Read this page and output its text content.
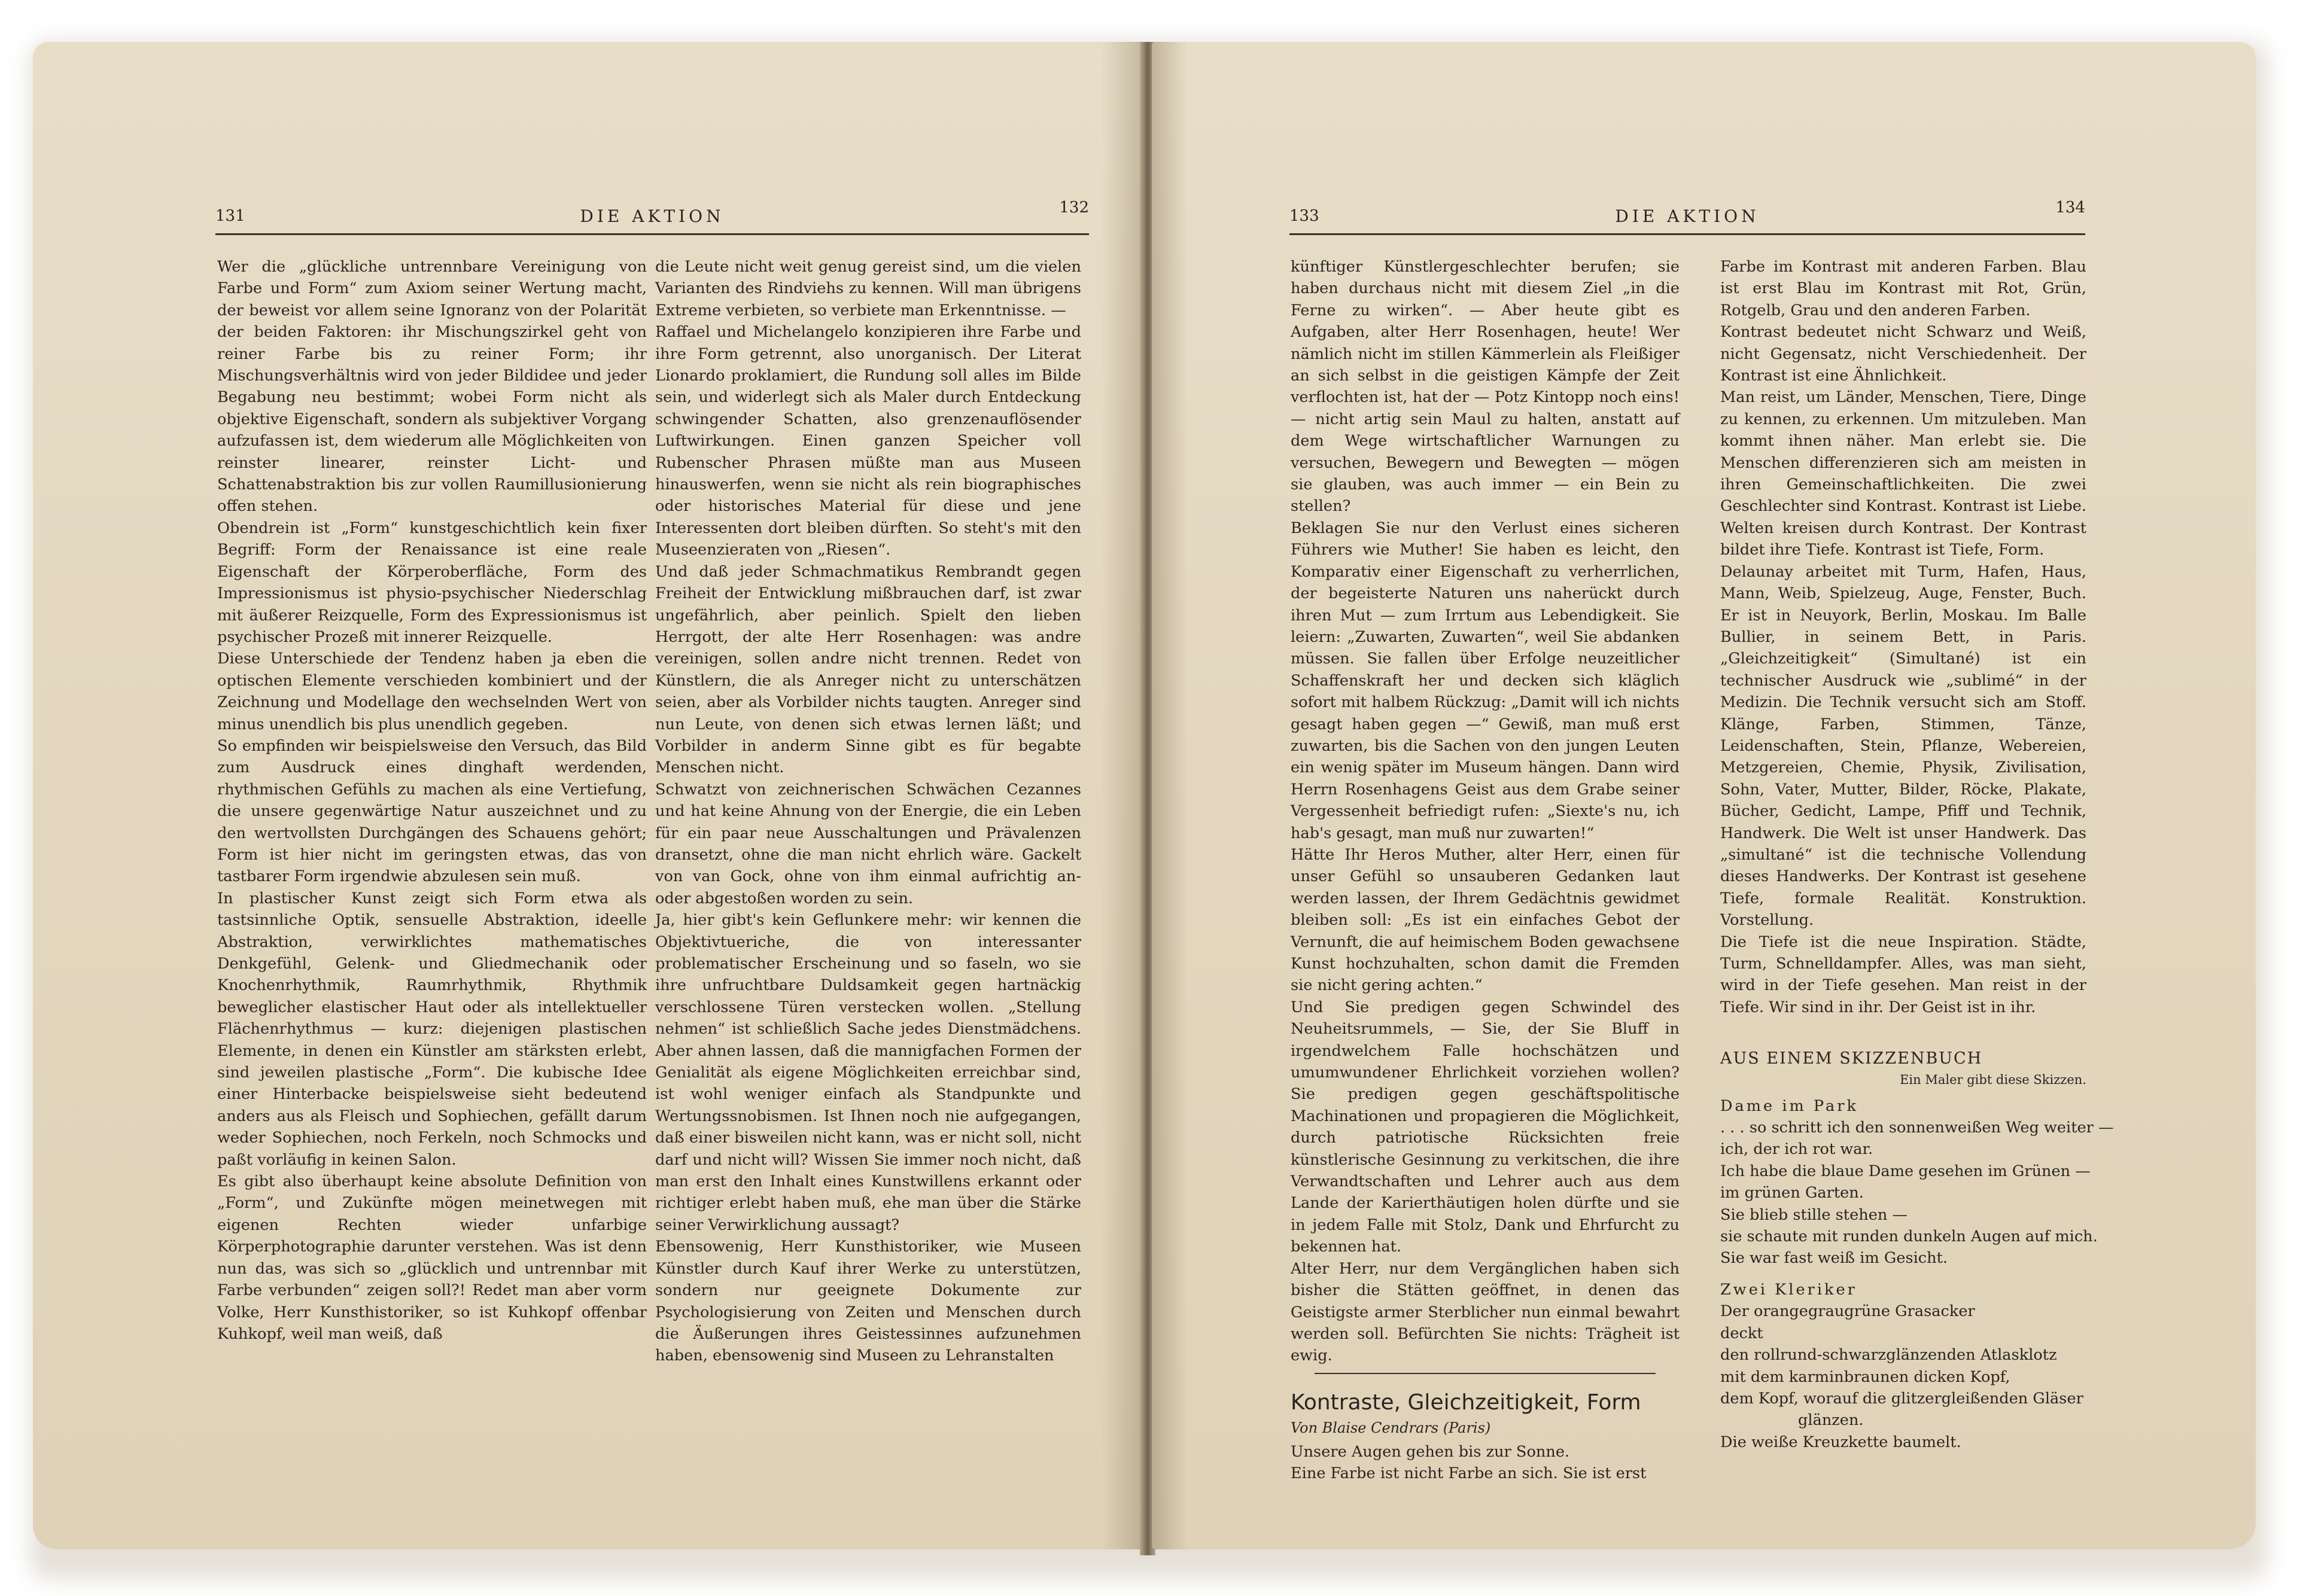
131	DIE AKTION	132

Wer die „glückliche untrennbare Vereinigung von Farbe und Form“ zum Axiom seiner Wertung macht, der beweist vor allem seine Ignoranz von der Polarität der beiden Faktoren: ihr Mischungszirkel geht von reiner Farbe bis zu reiner Form; ihr Mischungsverhältnis wird von jeder Bildidee und jeder Begabung neu bestimmt; wobei Form nicht als objektive Eigenschaft, sondern als subjektiver Vorgang aufzufassen ist, dem wiederum alle Möglichkeiten von reinster linearer, reinster Licht- und Schattenabstraktion bis zur vollen Raumillusionierung offen stehen.

Obendrein ist „Form“ kunstgeschichtlich kein fixer Begriff: Form der Renaissance ist eine reale Eigenschaft der Körperoberfläche, Form des Impressionismus ist physio-psychischer Niederschlag mit äußerer Reizquelle, Form des Expressionismus ist psychischer Prozeß mit innerer Reizquelle.

Diese Unterschiede der Tendenz haben ja eben die optischen Elemente verschieden kombiniert und der Zeichnung und Modellage den wechselnden Wert von minus unendlich bis plus unendlich gegeben.

So empfinden wir beispielsweise den Versuch, das Bild zum Ausdruck eines dinghaft werdenden, rhythmischen Gefühls zu machen als eine Vertiefung, die unsere gegenwärtige Natur auszeichnet und zu den wertvollsten Durchgängen des Schauens gehört; Form ist hier nicht im geringsten etwas, das von tastbarer Form irgendwie abzulesen sein muß.

In plastischer Kunst zeigt sich Form etwa als tastsinnliche Optik, sensuelle Abstraktion, ideelle Abstraktion, verwirklichtes mathematisches Denkgefühl, Gelenk- und Gliedmechanik oder Knochenrhythmik, Raumrhythmik, Rhythmik beweglicher elastischer Haut oder als intellektueller Flächenrhythmus — kurz: diejenigen plastischen Elemente, in denen ein Künstler am stärksten erlebt, sind jeweilen plastische „Form“. Die kubische Idee einer Hinterbacke beispielsweise sieht bedeutend anders aus als Fleisch und Sophiechen, gefällt darum weder Sophiechen, noch Ferkeln, noch Schmocks und paßt vorläufig in keinen Salon.

Es gibt also überhaupt keine absolute Definition von „Form“, und Zukünfte mögen meinetwegen mit eigenen Rechten wieder unfarbige Körperphotographie darunter verstehen. Was ist denn nun das, was sich so „glücklich und untrennbar mit Farbe verbunden“ zeigen soll?! Redet man aber vorm Volke, Herr Kunsthistoriker, so ist Kuhkopf offenbar Kuhkopf, weil man weiß, daß

die Leute nicht weit genug gereist sind, um die vielen Varianten des Rindviehs zu kennen. Will man übrigens Extreme verbieten, so verbiete man Erkenntnisse. —

Raffael und Michelangelo konzipieren ihre Farbe und ihre Form getrennt, also unorganisch. Der Literat Lionardo proklamiert, die Rundung soll alles im Bilde sein, und widerlegt sich als Maler durch Entdeckung schwingender Schatten, also grenzenauflösender Luftwirkungen. Einen ganzen Speicher voll Rubenscher Phrasen müßte man aus Museen hinauswerfen, wenn sie nicht als rein biographisches oder historisches Material für diese und jene Interessenten dort bleiben dürften. So steht's mit den Museenzieraten von „Riesen“.

Und daß jeder Schmachmatikus Rembrandt gegen Freiheit der Entwicklung mißbrauchen darf, ist zwar ungefährlich, aber peinlich. Spielt den lieben Herrgott, der alte Herr Rosenhagen: was andre vereinigen, sollen andre nicht trennen. Redet von Künstlern, die als Anreger nicht zu unterschätzen seien, aber als Vorbilder nichts taugten. Anreger sind nun Leute, von denen sich etwas lernen läßt; und Vorbilder in anderm Sinne gibt es für begabte Menschen nicht.

Schwatzt von zeichnerischen Schwächen Cezannes und hat keine Ahnung von der Energie, die ein Leben für ein paar neue Ausschaltungen und Prävalenzen dransetzt, ohne die man nicht ehrlich wäre. Gackelt von van Gock, ohne von ihm einmal aufrichtig an- oder abgestoßen worden zu sein.

Ja, hier gibt's kein Geflunkere mehr: wir kennen die Objektivtueriche, die von interessanter problematischer Erscheinung und so faseln, wo sie ihre unfruchtbare Duldsamkeit gegen hartnäckig verschlossene Türen verstecken wollen. „Stellung nehmen“ ist schließlich Sache jedes Dienstmädchens. Aber ahnen lassen, daß die mannigfachen Formen der Genialität als eigene Möglichkeiten erreichbar sind, ist wohl weniger einfach als Standpunkte und Wertungssnobismen. Ist Ihnen noch nie aufgegangen, daß einer bisweilen nicht kann, was er nicht soll, nicht darf und nicht will? Wissen Sie immer noch nicht, daß man erst den Inhalt eines Kunstwillens erkannt oder richtiger erlebt haben muß, ehe man über die Stärke seiner Verwirklichung aussagt?

Ebensowenig, Herr Kunsthistoriker, wie Museen Künstler durch Kauf ihrer Werke zu unterstützen, sondern nur geeignete Dokumente zur Psychologisierung von Zeiten und Menschen durch die Äußerungen ihres Geistessinnes aufzunehmen haben, ebensowenig sind Museen zu Lehranstalten

133	DIE AKTION	134

künftiger Künstlergeschlechter berufen; sie haben durchaus nicht mit diesem Ziel „in die Ferne zu wirken“. — Aber heute gibt es Aufgaben, alter Herr Rosenhagen, heute! Wer nämlich nicht im stillen Kämmerlein als Fleißiger an sich selbst in die geistigen Kämpfe der Zeit verflochten ist, hat der — Potz Kintopp noch eins! — nicht artig sein Maul zu halten, anstatt auf dem Wege wirtschaftlicher Warnungen zu versuchen, Bewegern und Bewegten — mögen sie glauben, was auch immer — ein Bein zu stellen?

Beklagen Sie nur den Verlust eines sicheren Führers wie Muther! Sie haben es leicht, den Komparativ einer Eigenschaft zu verherrlichen, der begeisterte Naturen uns naherückt durch ihren Mut — zum Irrtum aus Lebendigkeit. Sie leiern: „Zuwarten, Zuwarten“, weil Sie abdanken müssen. Sie fallen über Erfolge neuzeitlicher Schaffenskraft her und decken sich kläglich sofort mit halbem Rückzug: „Damit will ich nichts gesagt haben gegen —“ Gewiß, man muß erst zuwarten, bis die Sachen von den jungen Leuten ein wenig später im Museum hängen. Dann wird Herrn Rosenhagens Geist aus dem Grabe seiner Vergessenheit befriedigt rufen: „Siexte's nu, ich hab's gesagt, man muß nur zuwarten!“

Hätte Ihr Heros Muther, alter Herr, einen für unser Gefühl so unsauberen Gedanken laut werden lassen, der Ihrem Gedächtnis gewidmet bleiben soll: „Es ist ein einfaches Gebot der Vernunft, die auf heimischem Boden gewachsene Kunst hochzuhalten, schon damit die Fremden sie nicht gering achten.“

Und Sie predigen gegen Schwindel des Neuheitsrummels, — Sie, der Sie Bluff in irgendwelchem Falle hochschätzen und umumwundener Ehrlichkeit vorziehen wollen? Sie predigen gegen geschäftspolitische Machinationen und propagieren die Möglichkeit, durch patriotische Rücksichten freie künstlerische Gesinnung zu verkitschen, die ihre Verwandtschaften und Lehrer auch aus dem Lande der Karierthäutigen holen dürfte und sie in jedem Falle mit Stolz, Dank und Ehrfurcht zu bekennen hat.

Alter Herr, nur dem Vergänglichen haben sich bisher die Stätten geöffnet, in denen das Geistigste armer Sterblicher nun einmal bewahrt werden soll. Befürchten Sie nichts: Trägheit ist ewig.

Kontraste, Gleichzeitigkeit, Form
Von Blaise Cendrars (Paris)
Unsere Augen gehen bis zur Sonne.
Eine Farbe ist nicht Farbe an sich. Sie ist erst

Farbe im Kontrast mit anderen Farben. Blau ist erst Blau im Kontrast mit Rot, Grün, Rotgelb, Grau und den anderen Farben.

Kontrast bedeutet nicht Schwarz und Weiß, nicht Gegensatz, nicht Verschiedenheit. Der Kontrast ist eine Ähnlichkeit.

Man reist, um Länder, Menschen, Tiere, Dinge zu kennen, zu erkennen. Um mitzuleben. Man kommt ihnen näher. Man erlebt sie. Die Menschen differenzieren sich am meisten in ihren Gemeinschaftlichkeiten. Die zwei Geschlechter sind Kontrast. Kontrast ist Liebe. Welten kreisen durch Kontrast. Der Kontrast bildet ihre Tiefe. Kontrast ist Tiefe, Form.

Delaunay arbeitet mit Turm, Hafen, Haus, Mann, Weib, Spielzeug, Auge, Fenster, Buch. Er ist in Neuyork, Berlin, Moskau. Im Balle Bullier, in seinem Bett, in Paris. „Gleichzeitigkeit“ (Simultané) ist ein technischer Ausdruck wie „sublimé“ in der Medizin. Die Technik versucht sich am Stoff. Klänge, Farben, Stimmen, Tänze, Leidenschaften, Stein, Pflanze, Webereien, Metzgereien, Chemie, Physik, Zivilisation, Sohn, Vater, Mutter, Bilder, Röcke, Plakate, Bücher, Gedicht, Lampe, Pfiff und Technik, Handwerk. Die Welt ist unser Handwerk. Das „simultané“ ist die technische Vollendung dieses Handwerks. Der Kontrast ist gesehene Tiefe, formale Realität. Konstruktion. Vorstellung.

Die Tiefe ist die neue Inspiration. Städte, Turm, Schnelldampfer. Alles, was man sieht, wird in der Tiefe gesehen. Man reist in der Tiefe. Wir sind in ihr. Der Geist ist in ihr.

AUS EINEM SKIZZENBUCH
Ein Maler gibt diese Skizzen.
Dame im Park
. . . so schritt ich den sonnenweißen Weg weiter —
ich, der ich rot war.
Ich habe die blaue Dame gesehen im Grünen —
im grünen Garten.
Sie blieb stille stehen —
sie schaute mit runden dunkeln Augen auf mich.
Sie war fast weiß im Gesicht.
Zwei Kleriker
Der orangegraugrüne Grasacker
deckt
den rollrund-schwarzglänzenden Atlasklotz
mit dem karminbraunen dicken Kopf,
dem Kopf, worauf die glitzergleißenden Gläser
glänzen.
Die weiße Kreuzkette baumelt.
